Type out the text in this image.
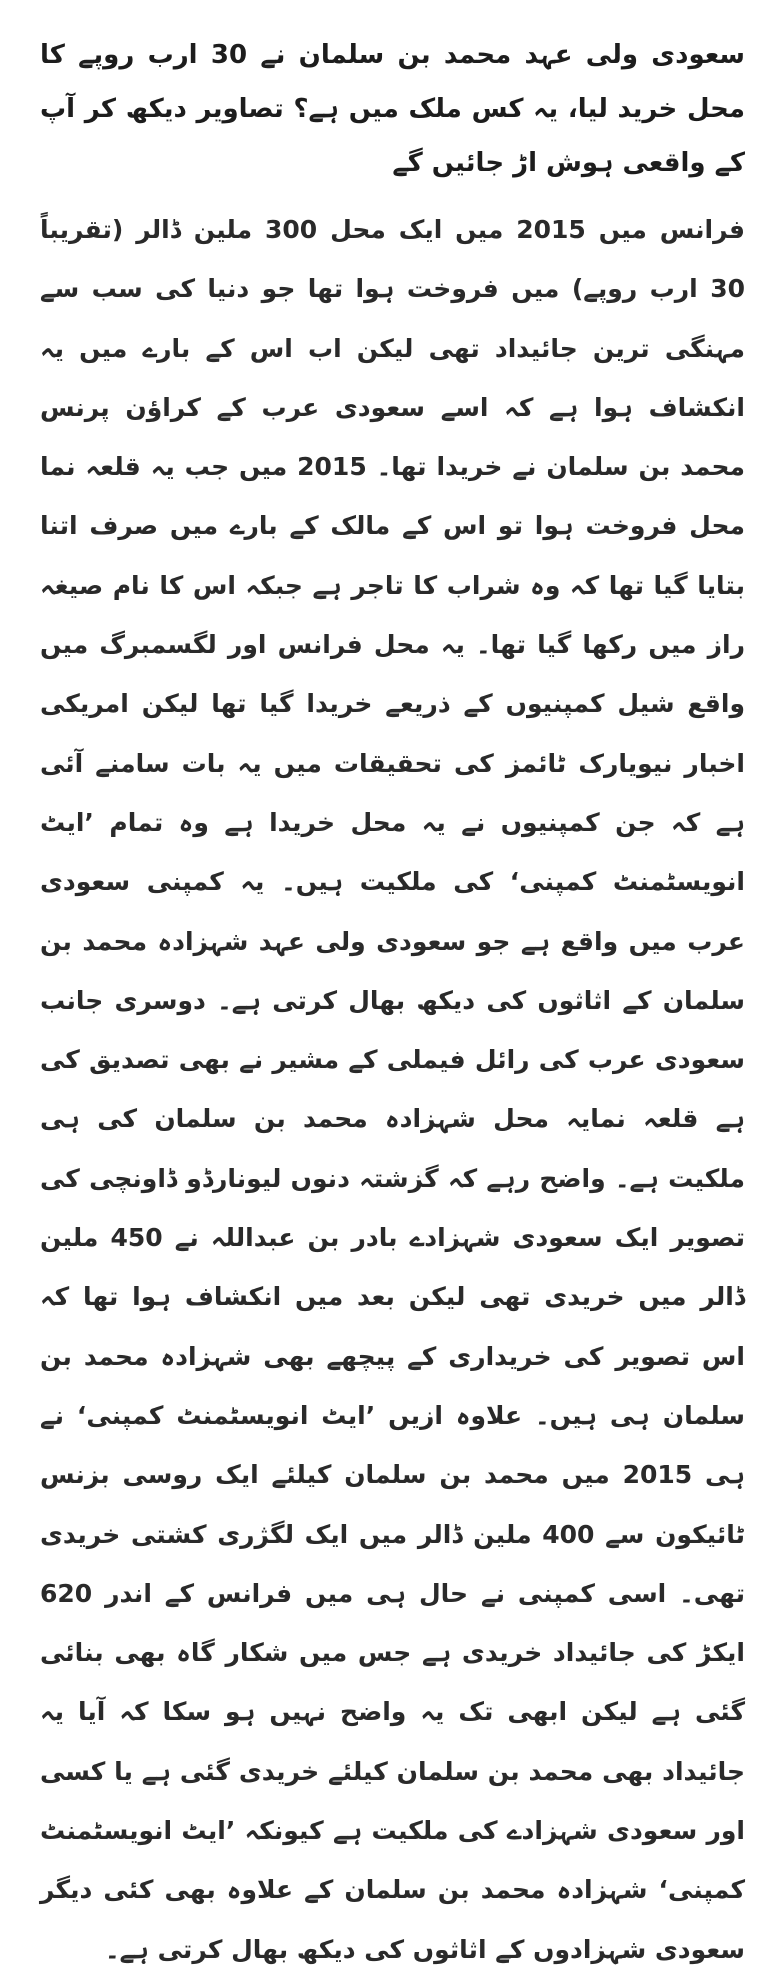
سعودی ولی عہد محمد بن سلمان نے 30 ارب روپے کا محل خرید لیا، یہ کس ملک میں ہے؟ تصاویر دیکھ کر آپ کے واقعی ہوش اڑ جائیں گے

فرانس میں 2015 میں ایک محل 300 ملین ڈالر (تقریباً 30 ارب روپے) میں فروخت ہوا تھا جو دنیا کی سب سے مہنگی ترین جائیداد تھی لیکن اب اس کے بارے میں یہ انکشاف ہوا ہے کہ اسے سعودی عرب کے کراؤن پرنس محمد بن سلمان نے خریدا تھا۔ 2015 میں جب یہ قلعہ نما محل فروخت ہوا تو اس کے مالک کے بارے میں صرف اتنا بتایا گیا تھا کہ وہ شراب کا تاجر ہے جبکہ اس کا نام صیغہ راز میں رکھا گیا تھا۔ یہ محل فرانس اور لگسمبرگ میں واقع شیل کمپنیوں کے ذریعے خریدا گیا تھا لیکن امریکی اخبار نیویارک ٹائمز کی تحقیقات میں یہ بات سامنے آئی ہے کہ جن کمپنیوں نے یہ محل خریدا ہے وہ تمام ’ایٹ انویسٹمنٹ کمپنی‘ کی ملکیت ہیں۔ یہ کمپنی سعودی عرب میں واقع ہے جو سعودی ولی عہد شہزادہ محمد بن سلمان کے اثاثوں کی دیکھ بھال کرتی ہے۔ دوسری جانب سعودی عرب کی رائل فیملی کے مشیر نے بھی تصدیق کی ہے قلعہ نمایہ محل شہزادہ محمد بن سلمان کی ہی ملکیت ہے۔ واضح رہے کہ گزشتہ دنوں لیونارڈو ڈاونچی کی تصویر ایک سعودی شہزادے بادر بن عبداللہ نے 450 ملین ڈالر میں خریدی تھی لیکن بعد میں انکشاف ہوا تھا کہ اس تصویر کی خریداری کے پیچھے بھی شہزادہ محمد بن سلمان ہی ہیں۔ علاوہ ازیں ’ایٹ انویسٹمنٹ کمپنی‘ نے ہی 2015 میں محمد بن سلمان کیلئے ایک روسی بزنس ٹائیکون سے 400 ملین ڈالر میں ایک لگژری کشتی خریدی تھی۔ اسی کمپنی نے حال ہی میں فرانس کے اندر 620 ایکڑ کی جائیداد خریدی ہے جس میں شکار گاہ بھی بنائی گئی ہے لیکن ابھی تک یہ واضح نہیں ہو سکا کہ آیا یہ جائیداد بھی محمد بن سلمان کیلئے خریدی گئی ہے یا کسی اور سعودی شہزادے کی ملکیت ہے کیونکہ ’ایٹ انویسٹمنٹ کمپنی‘ شہزادہ محمد بن سلمان کے علاوہ بھی کئی دیگر سعودی شہزادوں کے اثاثوں کی دیکھ بھال کرتی ہے۔
